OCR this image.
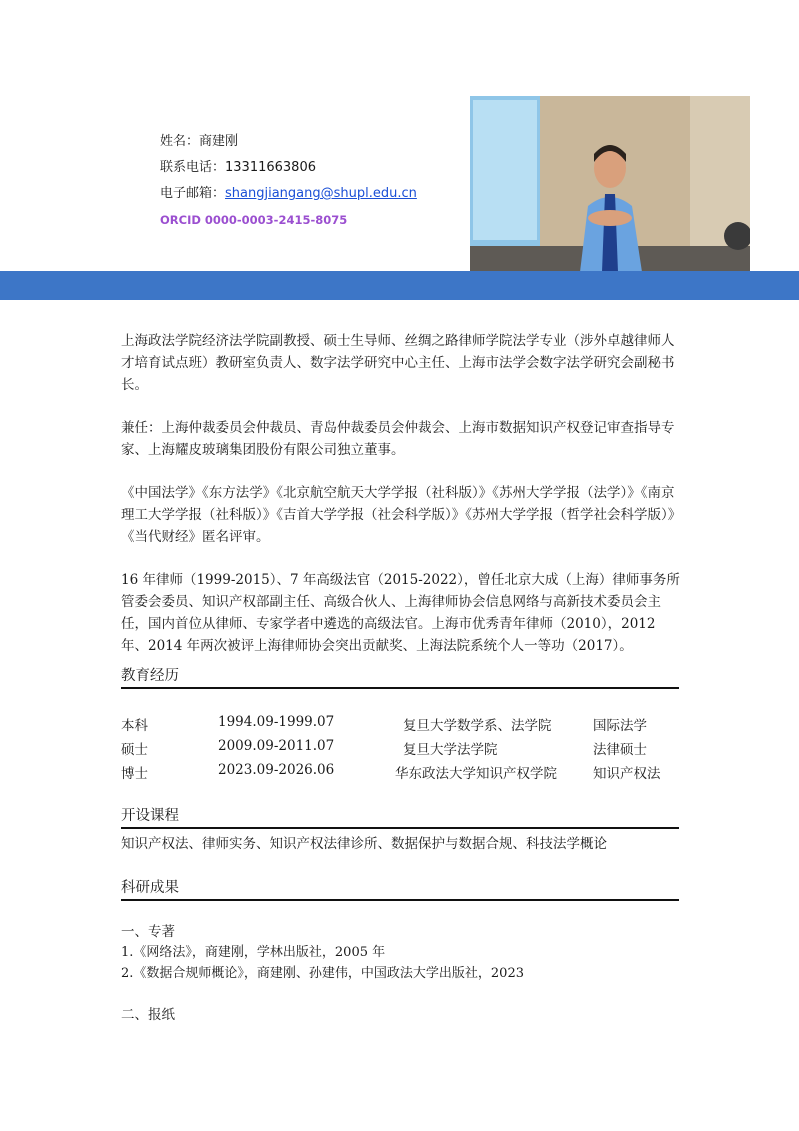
姓名：商建刚
联系电话：13311663806
电子邮箱：shangjiangang@shupl.edu.cn
ORCID 0000-0003-2415-8075

上海政法学院经济法学院副教授、硕士生导师、丝绸之路律师学院法学专业（涉外卓越律师人才培育试点班）教研室负责人、数字法学研究中心主任、上海市法学会数字法学研究会副秘书长。

兼任：上海仲裁委员会仲裁员、青岛仲裁委员会仲裁会、上海市数据知识产权登记审查指导专家、上海耀皮玻璃集团股份有限公司独立董事。

《中国法学》《东方法学》《北京航空航天大学学报（社科版）》《苏州大学学报（法学）》《南京理工大学学报（社科版）》《吉首大学学报（社会科学版）》《苏州大学学报（哲学社会科学版）》《当代财经》匿名评审。

16 年律师（1999-2015）、7 年高级法官（2015-2022），曾任北京大成（上海）律师事务所管委会委员、知识产权部副主任、高级合伙人、上海律师协会信息网络与高新技术委员会主任，国内首位从律师、专家学者中遴选的高级法官。上海市优秀青年律师（2010），2012 年、2014 年两次被评上海律师协会突出贡献奖、上海法院系统个人一等功（2017）。

教育经历
本科	1994.09-1999.07	复旦大学数学系、法学院	国际法学
硕士	2009.09-2011.07	复旦大学法学院	法律硕士
博士	2023.09-2026.06	华东政法大学知识产权学院	知识产权法
开设课程
知识产权法、律师实务、知识产权法律诊所、数据保护与数据合规、科技法学概论
科研成果
一、专著
1.《网络法》，商建刚，学林出版社，2005 年
2.《数据合规师概论》，商建刚、孙建伟，中国政法大学出版社，2023
二、报纸
